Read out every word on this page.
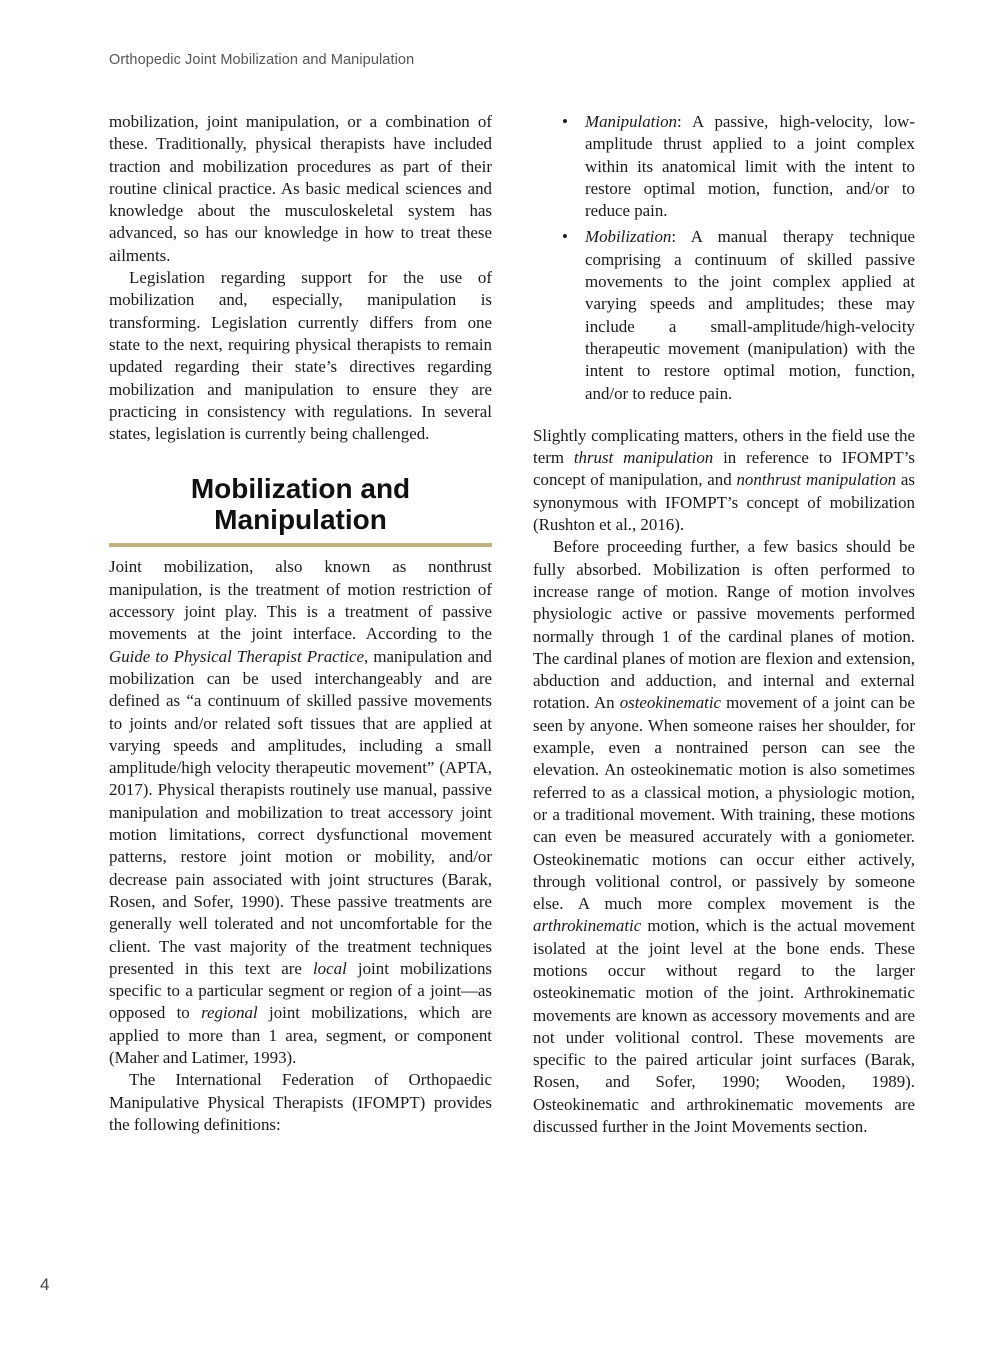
Orthopedic Joint Mobilization and Manipulation

mobilization, joint manipulation, or a combination of these. Traditionally, physical therapists have included traction and mobilization procedures as part of their routine clinical practice. As basic medical sciences and knowledge about the musculoskeletal system has advanced, so has our knowledge in how to treat these ailments.

Legislation regarding support for the use of mobilization and, especially, manipulation is transforming. Legislation currently differs from one state to the next, requiring physical therapists to remain updated regarding their state’s directives regarding mobilization and manipulation to ensure they are practicing in consistency with regulations. In several states, legislation is currently being challenged.

Mobilization and
Manipulation

Joint mobilization, also known as nonthrust manipulation, is the treatment of motion restriction of accessory joint play. This is a treatment of passive movements at the joint interface. According to the Guide to Physical Therapist Practice, manipulation and mobilization can be used interchangeably and are defined as “a continuum of skilled passive movements to joints and/or related soft tissues that are applied at varying speeds and amplitudes, including a small amplitude/high velocity therapeutic movement” (APTA, 2017). Physical therapists routinely use manual, passive manipulation and mobilization to treat accessory joint motion limitations, correct dysfunctional movement patterns, restore joint motion or mobility, and/or decrease pain associated with joint structures (Barak, Rosen, and Sofer, 1990). These passive treatments are generally well tolerated and not uncomfortable for the client. The vast majority of the treatment techniques presented in this text are local joint mobilizations specific to a particular segment or region of a joint—as opposed to regional joint mobilizations, which are applied to more than 1 area, segment, or component (Maher and Latimer, 1993).

The International Federation of Orthopaedic Manipulative Physical Therapists (IFOMPT) provides the following definitions:

• Manipulation: A passive, high-velocity, low-amplitude thrust applied to a joint complex within its anatomical limit with the intent to restore optimal motion, function, and/or to reduce pain.
• Mobilization: A manual therapy technique comprising a continuum of skilled passive movements to the joint complex applied at varying speeds and amplitudes; these may include a small-amplitude/high-velocity therapeutic movement (manipulation) with the intent to restore optimal motion, function, and/or to reduce pain.

Slightly complicating matters, others in the field use the term thrust manipulation in reference to IFOMPT’s concept of manipulation, and nonthrust manipulation as synonymous with IFOMPT’s concept of mobilization (Rushton et al., 2016).

Before proceeding further, a few basics should be fully absorbed. Mobilization is often performed to increase range of motion. Range of motion involves physiologic active or passive movements performed normally through 1 of the cardinal planes of motion. The cardinal planes of motion are flexion and extension, abduction and adduction, and internal and external rotation. An osteokinematic movement of a joint can be seen by anyone. When someone raises her shoulder, for example, even a nontrained person can see the elevation. An osteokinematic motion is also sometimes referred to as a classical motion, a physiologic motion, or a traditional movement. With training, these motions can even be measured accurately with a goniometer. Osteokinematic motions can occur either actively, through volitional control, or passively by someone else. A much more complex movement is the arthrokinematic motion, which is the actual movement isolated at the joint level at the bone ends. These motions occur without regard to the larger osteokinematic motion of the joint. Arthrokinematic movements are known as accessory movements and are not under volitional control. These movements are specific to the paired articular joint surfaces (Barak, Rosen, and Sofer, 1990; Wooden, 1989). Osteokinematic and arthrokinematic movements are discussed further in the Joint Movements section.

4
